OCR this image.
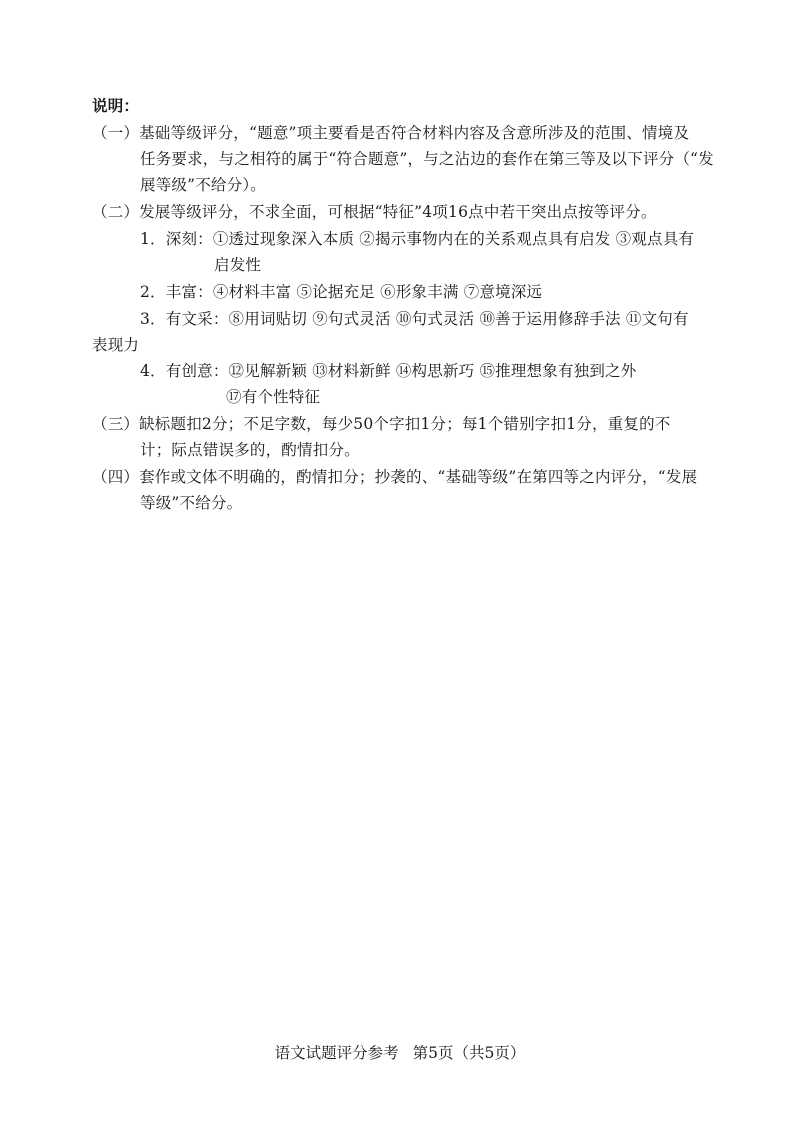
说明：
（一）基础等级评分，“题意”项主要看是否符合材料内容及含意所涉及的范围、情境及
任务要求，与之相符的属于“符合题意”，与之沾边的套作在第三等及以下评分（“发
展等级”不给分）。
（二）发展等级评分，不求全面，可根据“特征”4项16点中若干突出点按等评分。
1．深刻：①透过现象深入本质 ②揭示事物内在的关系观点具有启发 ③观点具有
启发性
2．丰富：④材料丰富 ⑤论据充足 ⑥形象丰满 ⑦意境深远
3．有文采：⑧用词贴切 ⑨句式灵活 ⑩句式灵活 ⑩善于运用修辞手法 ⑪文句有
表现力
4．有创意：⑫见解新颖 ⑬材料新鲜 ⑭构思新巧 ⑮推理想象有独到之外
⑰有个性特征
（三）缺标题扣2分；不足字数，每少50个字扣1分；每1个错别字扣1分，重复的不
计；际点错误多的，酌情扣分。
（四）套作或文体不明确的，酌情扣分；抄袭的、“基础等级”在第四等之内评分，“发展
等级”不给分。
语文试题评分参考 第5页（共5页）
